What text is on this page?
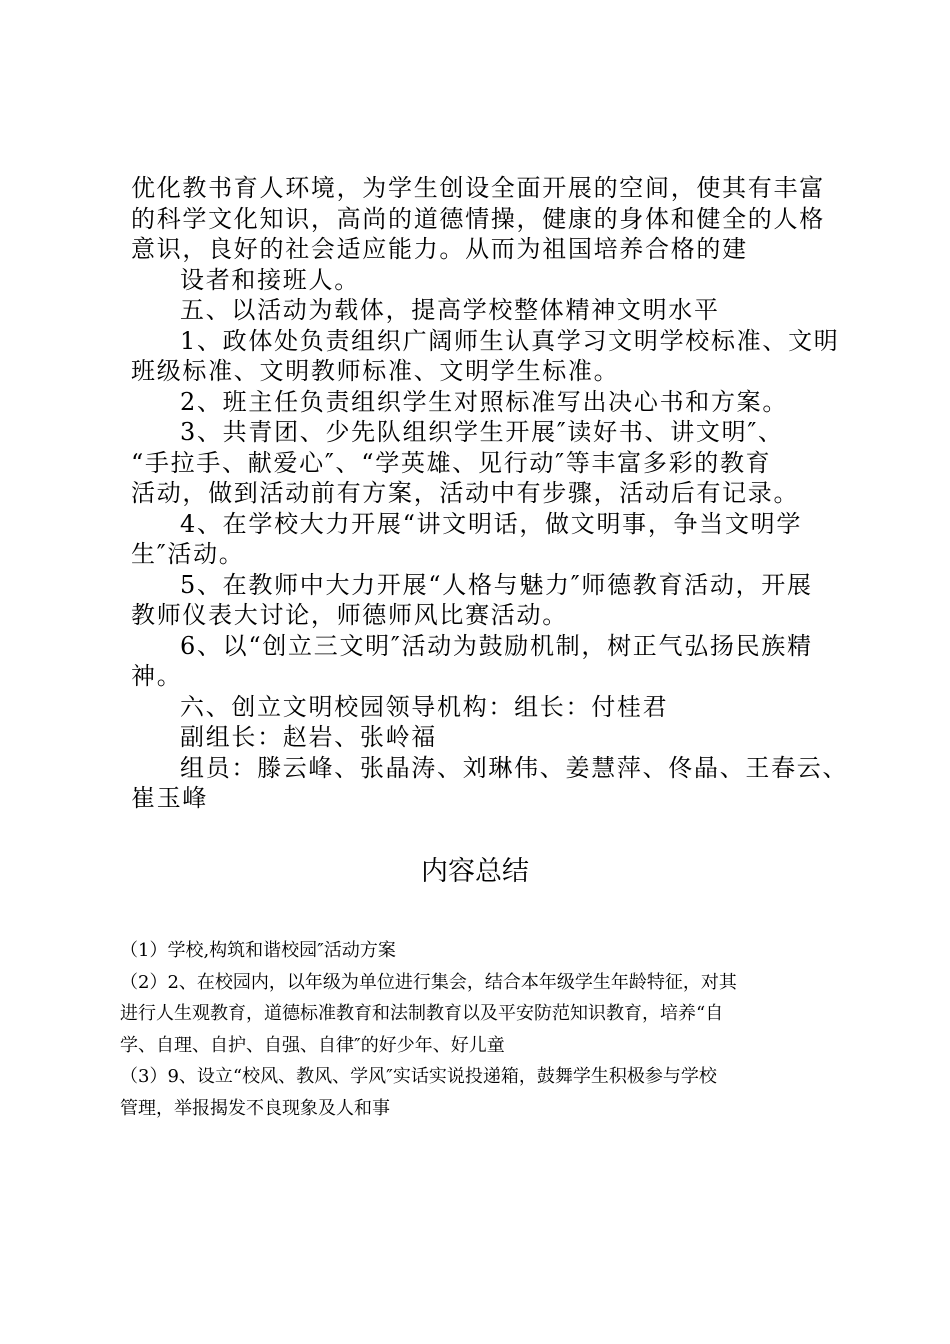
优化教书育人环境，为学生创设全面开展的空间，使其有丰富

的科学文化知识，高尚的道德情操，健康的身体和健全的人格

意识，良好的社会适应能力。从而为祖国培养合格的建

设者和接班人。

五、以活动为载体，提高学校整体精神文明水平

1、政体处负责组织广阔师生认真学习文明学校标准、文明

班级标准、文明教师标准、文明学生标准。

2、班主任负责组织学生对照标准写出决心书和方案。

3、共青团、少先队组织学生开展″读好书、讲文明″、

“手拉手、献爱心″、“学英雄、见行动″等丰富多彩的教育

活动，做到活动前有方案，活动中有步骤，活动后有记录。

4、在学校大力开展“讲文明话，做文明事，争当文明学

生″活动。

5、在教师中大力开展“人格与魅力″师德教育活动，开展

教师仪表大讨论，师德师风比赛活动。

6、以“创立三文明″活动为鼓励机制，树正气弘扬民族精

神。

六、创立文明校园领导机构：组长：付桂君

副组长：赵岩、张岭福

组员：滕云峰、张晶涛、刘琳伟、姜慧萍、佟晶、王春云、

崔玉峰

内容总结

（1）学校,构筑和谐校园″活动方案

（2）2、在校园内，以年级为单位进行集会，结合本年级学生年龄特征，对其

进行人生观教育，道德标准教育和法制教育以及平安防范知识教育，培养“自

学、自理、自护、自强、自律″的好少年、好儿童

（3）9、设立“校风、教风、学风″实话实说投递箱，鼓舞学生积极参与学校

管理，举报揭发不良现象及人和事
